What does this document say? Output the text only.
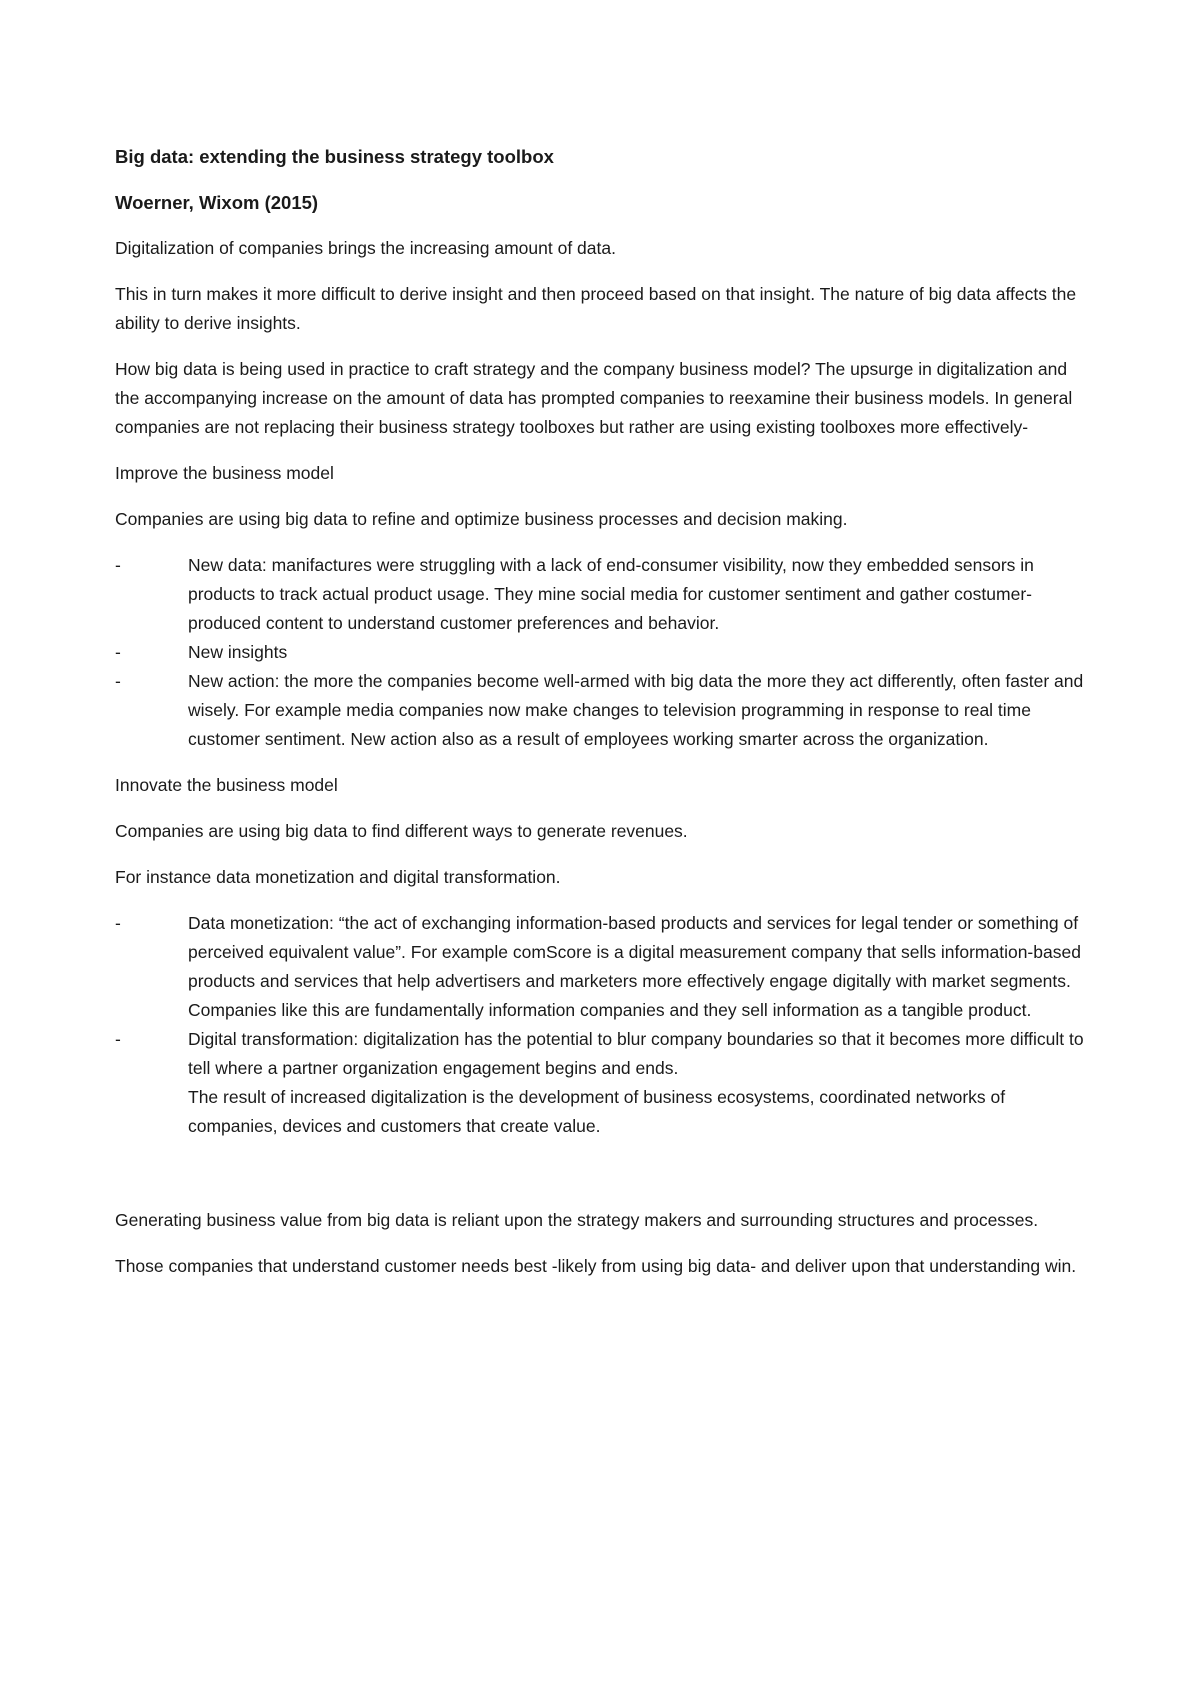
Big data: extending the business strategy toolbox

Woerner, Wixom (2015)

Digitalization of companies brings the increasing amount of data.

This in turn makes it more difficult to derive insight and then proceed based on that insight. The nature of big data affects the ability to derive insights.

How big data is being used in practice to craft strategy and the company business model? The upsurge in digitalization and the accompanying increase on the amount of data has prompted companies to reexamine their business models. In general companies are not replacing their business strategy toolboxes but rather are using existing toolboxes more effectively-

Improve the business model

Companies are using big data to refine and optimize business processes and decision making.

-	New data: manifactures were struggling with a lack of end-consumer visibility, now they embedded sensors in products to track actual product usage. They mine social media for customer sentiment and gather costumer-produced content to understand customer preferences and behavior.
-	New insights
-	New action: the more the companies become well-armed with big data the more they act differently, often faster and wisely. For example media companies now make changes to television programming in response to real time customer sentiment. New action also as a result of employees working smarter across the organization.

Innovate the business model

Companies are using big data to find different ways to generate revenues.

For instance data monetization and digital transformation.

-	Data monetization: “the act of exchanging information-based products and services for legal tender or something of perceived equivalent value”. For example comScore is a digital measurement company that sells information-based products and services that help advertisers and marketers more effectively engage digitally with market segments. Companies like this are fundamentally information companies and they sell information as a tangible product.
-	Digital transformation: digitalization has the potential to blur company boundaries so that it becomes more difficult to tell where a partner organization engagement begins and ends.
The result of increased digitalization is the development of business ecosystems, coordinated networks of companies, devices and customers that create value.

Generating business value from big data is reliant upon the strategy makers and surrounding structures and processes.

Those companies that understand customer needs best -likely from using big data- and deliver upon that understanding win.
